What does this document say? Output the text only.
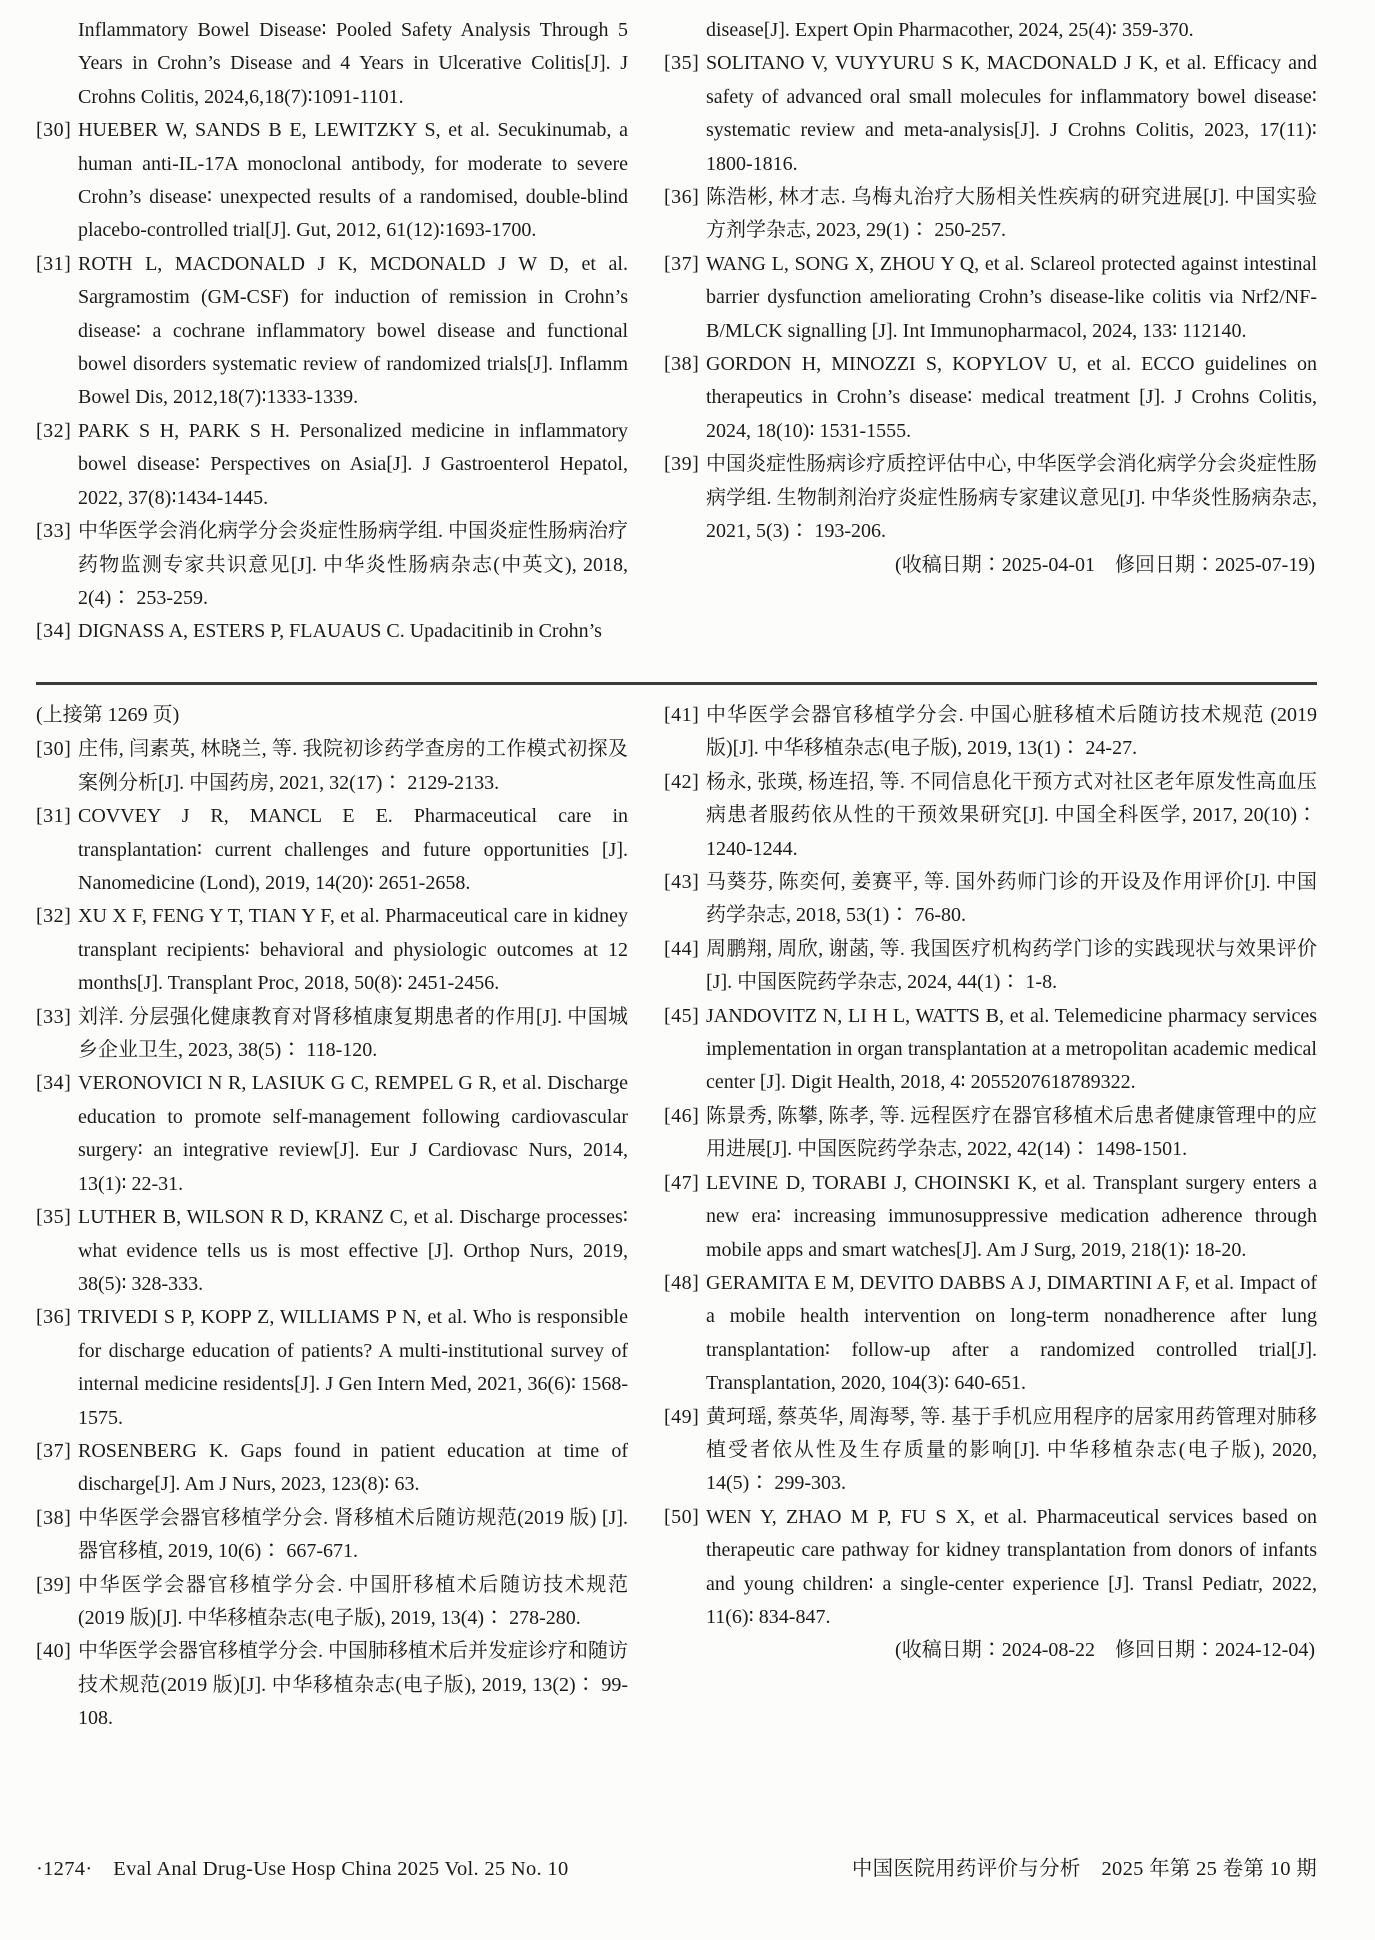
Inflammatory Bowel Disease∶ Pooled Safety Analysis Through 5 Years in Crohn’s Disease and 4 Years in Ulcerative Colitis[J]. J Crohns Colitis, 2024,6,18(7)∶1091-1101.
[30] HUEBER W, SANDS B E, LEWITZKY S, et al. Secukinumab, a human anti-IL-17A monoclonal antibody, for moderate to severe Crohn’s disease∶ unexpected results of a randomised, double-blind placebo-controlled trial[J]. Gut, 2012, 61(12)∶1693-1700.
[31] ROTH L, MACDONALD J K, MCDONALD J W D, et al. Sargramostim (GM-CSF) for induction of remission in Crohn’s disease∶ a cochrane inflammatory bowel disease and functional bowel disorders systematic review of randomized trials[J]. Inflamm Bowel Dis, 2012,18(7)∶1333-1339.
[32] PARK S H, PARK S H. Personalized medicine in inflammatory bowel disease∶ Perspectives on Asia[J]. J Gastroenterol Hepatol, 2022, 37(8)∶1434-1445.
[33] 中华医学会消化病学分会炎症性肠病学组. 中国炎症性肠病治疗药物监测专家共识意见[J]. 中华炎性肠病杂志(中英文), 2018, 2(4)∶ 253-259.
[34] DIGNASS A, ESTERS P, FLAUAUS C. Upadacitinib in Crohn’s
disease[J]. Expert Opin Pharmacother, 2024, 25(4)∶ 359-370.
[35] SOLITANO V, VUYYURU S K, MACDONALD J K, et al. Efficacy and safety of advanced oral small molecules for inflammatory bowel disease∶ systematic review and meta-analysis[J]. J Crohns Colitis, 2023, 17(11)∶ 1800-1816.
[36] 陈浩彬, 林才志. 乌梅丸治疗大肠相关性疾病的研究进展[J]. 中国实验方剂学杂志, 2023, 29(1)∶ 250-257.
[37] WANG L, SONG X, ZHOU Y Q, et al. Sclareol protected against intestinal barrier dysfunction ameliorating Crohn’s disease-like colitis via Nrf2/NF-B/MLCK signalling [J]. Int Immunopharmacol, 2024, 133∶ 112140.
[38] GORDON H, MINOZZI S, KOPYLOV U, et al. ECCO guidelines on therapeutics in Crohn’s disease∶ medical treatment [J]. J Crohns Colitis, 2024, 18(10)∶ 1531-1555.
[39] 中国炎症性肠病诊疗质控评估中心, 中华医学会消化病学分会炎症性肠病学组. 生物制剂治疗炎症性肠病专家建议意见[J]. 中华炎性肠病杂志, 2021, 5(3)∶ 193-206.
(收稿日期∶2025-04-01　修回日期∶2025-07-19)
(上接第 1269 页)
[30] 庄伟, 闫素英, 林晓兰, 等. 我院初诊药学查房的工作模式初探及案例分析[J]. 中国药房, 2021, 32(17)∶ 2129-2133.
[31] COVVEY J R, MANCL E E. Pharmaceutical care in transplantation∶ current challenges and future opportunities [J]. Nanomedicine (Lond), 2019, 14(20)∶ 2651-2658.
[32] XU X F, FENG Y T, TIAN Y F, et al. Pharmaceutical care in kidney transplant recipients∶ behavioral and physiologic outcomes at 12 months[J]. Transplant Proc, 2018, 50(8)∶ 2451-2456.
[33] 刘洋. 分层强化健康教育对肾移植康复期患者的作用[J]. 中国城乡企业卫生, 2023, 38(5)∶ 118-120.
[34] VERONOVICI N R, LASIUK G C, REMPEL G R, et al. Discharge education to promote self-management following cardiovascular surgery∶ an integrative review[J]. Eur J Cardiovasc Nurs, 2014, 13(1)∶ 22-31.
[35] LUTHER B, WILSON R D, KRANZ C, et al. Discharge processes∶ what evidence tells us is most effective [J]. Orthop Nurs, 2019, 38(5)∶ 328-333.
[36] TRIVEDI S P, KOPP Z, WILLIAMS P N, et al. Who is responsible for discharge education of patients? A multi-institutional survey of internal medicine residents[J]. J Gen Intern Med, 2021, 36(6)∶ 1568-1575.
[37] ROSENBERG K. Gaps found in patient education at time of discharge[J]. Am J Nurs, 2023, 123(8)∶ 63.
[38] 中华医学会器官移植学分会. 肾移植术后随访规范(2019 版) [J]. 器官移植, 2019, 10(6)∶ 667-671.
[39] 中华医学会器官移植学分会. 中国肝移植术后随访技术规范 (2019 版)[J]. 中华移植杂志(电子版), 2019, 13(4)∶ 278-280.
[40] 中华医学会器官移植学分会. 中国肺移植术后并发症诊疗和随访技术规范(2019 版)[J]. 中华移植杂志(电子版), 2019, 13(2)∶ 99-108.
[41] 中华医学会器官移植学分会. 中国心脏移植术后随访技术规范 (2019 版)[J]. 中华移植杂志(电子版), 2019, 13(1)∶ 24-27.
[42] 杨永, 张瑛, 杨连招, 等. 不同信息化干预方式对社区老年原发性高血压病患者服药依从性的干预效果研究[J]. 中国全科医学, 2017, 20(10)∶ 1240-1244.
[43] 马葵芬, 陈奕何, 姜赛平, 等. 国外药师门诊的开设及作用评价[J]. 中国药学杂志, 2018, 53(1)∶ 76-80.
[44] 周鹏翔, 周欣, 谢菡, 等. 我国医疗机构药学门诊的实践现状与效果评价[J]. 中国医院药学杂志, 2024, 44(1)∶ 1-8.
[45] JANDOVITZ N, LI H L, WATTS B, et al. Telemedicine pharmacy services implementation in organ transplantation at a metropolitan academic medical center [J]. Digit Health, 2018, 4∶ 2055207618789322.
[46] 陈景秀, 陈攀, 陈孝, 等. 远程医疗在器官移植术后患者健康管理中的应用进展[J]. 中国医院药学杂志, 2022, 42(14)∶ 1498-1501.
[47] LEVINE D, TORABI J, CHOINSKI K, et al. Transplant surgery enters a new era∶ increasing immunosuppressive medication adherence through mobile apps and smart watches[J]. Am J Surg, 2019, 218(1)∶ 18-20.
[48] GERAMITA E M, DEVITO DABBS A J, DIMARTINI A F, et al. Impact of a mobile health intervention on long-term nonadherence after lung transplantation∶ follow-up after a randomized controlled trial[J]. Transplantation, 2020, 104(3)∶ 640-651.
[49] 黄珂瑶, 蔡英华, 周海琴, 等. 基于手机应用程序的居家用药管理对肺移植受者依从性及生存质量的影响[J]. 中华移植杂志(电子版), 2020, 14(5)∶ 299-303.
[50] WEN Y, ZHAO M P, FU S X, et al. Pharmaceutical services based on therapeutic care pathway for kidney transplantation from donors of infants and young children∶ a single-center experience [J]. Transl Pediatr, 2022, 11(6)∶ 834-847.
(收稿日期∶2024-08-22　修回日期∶2024-12-04)
·1274·　Eval Anal Drug-Use Hosp China 2025 Vol. 25 No. 10	中国医院用药评价与分析　2025 年第 25 卷第 10 期
